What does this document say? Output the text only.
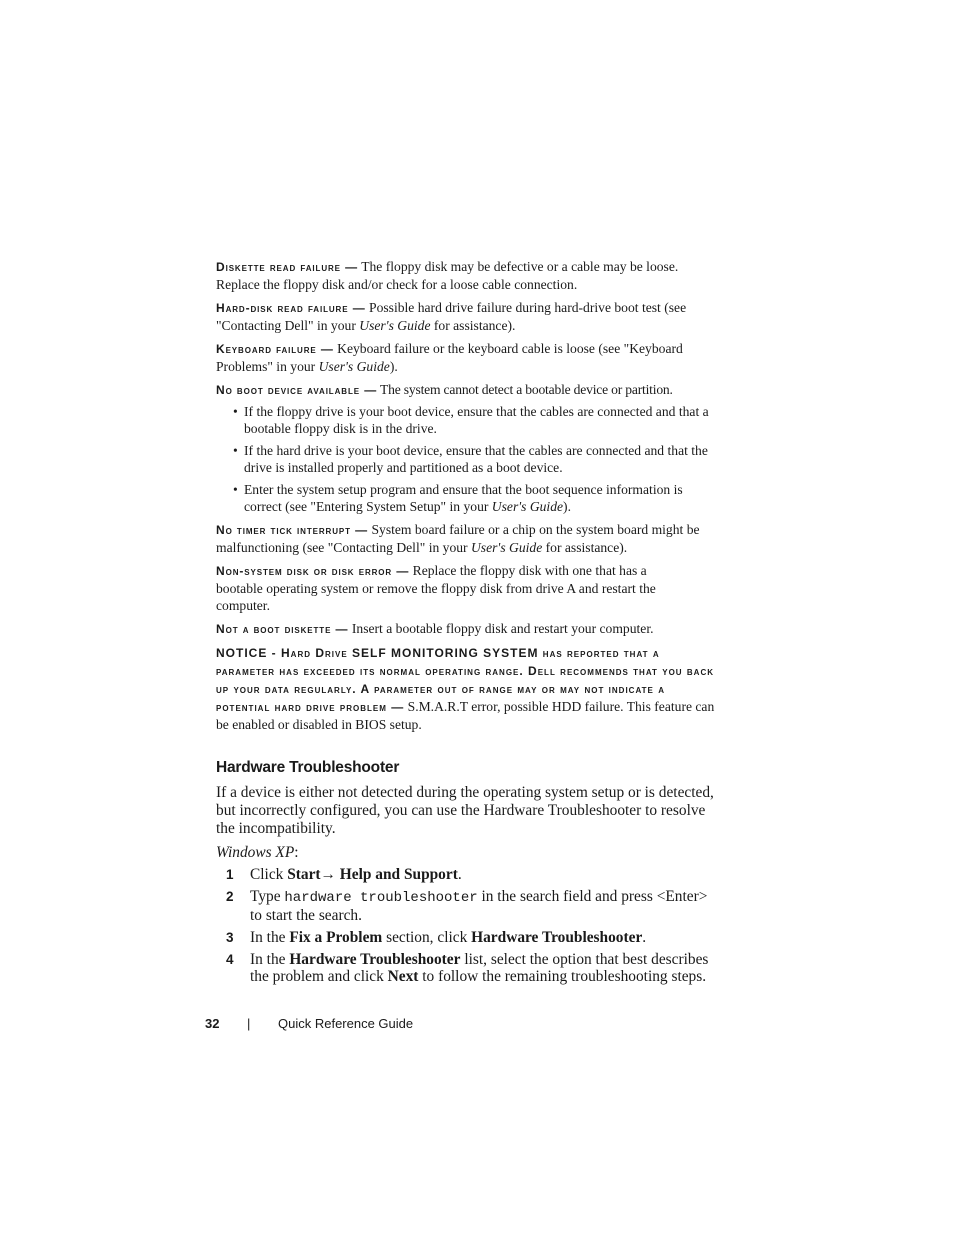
Diskette read failure — The floppy disk may be defective or a cable may be loose. Replace the floppy disk and/or check for a loose cable connection.

Hard-disk read failure — Possible hard drive failure during hard-drive boot test (see "Contacting Dell" in your User's Guide for assistance).

Keyboard failure — Keyboard failure or the keyboard cable is loose (see "Keyboard Problems" in your User's Guide).

No boot device available — The system cannot detect a bootable device or partition.

• If the floppy drive is your boot device, ensure that the cables are connected and that a bootable floppy disk is in the drive.
• If the hard drive is your boot device, ensure that the cables are connected and that the drive is installed properly and partitioned as a boot device.
• Enter the system setup program and ensure that the boot sequence information is correct (see "Entering System Setup" in your User's Guide).

No timer tick interrupt — System board failure or a chip on the system board might be malfunctioning (see "Contacting Dell" in your User's Guide for assistance).

Non-system disk or disk error — Replace the floppy disk with one that has a bootable operating system or remove the floppy disk from drive A and restart the computer.

Not a boot diskette — Insert a bootable floppy disk and restart your computer.

NOTICE - Hard Drive SELF MONITORING SYSTEM has reported that a parameter has exceeded its normal operating range. Dell recommends that you back up your data regularly. A parameter out of range may or may not indicate a potential hard drive problem — S.M.A.R.T error, possible HDD failure. This feature can be enabled or disabled in BIOS setup.

Hardware Troubleshooter

If a device is either not detected during the operating system setup or is detected, but incorrectly configured, you can use the Hardware Troubleshooter to resolve the incompatibility.

Windows XP:

1 Click Start→ Help and Support.
2 Type hardware troubleshooter in the search field and press <Enter> to start the search.
3 In the Fix a Problem section, click Hardware Troubleshooter.
4 In the Hardware Troubleshooter list, select the option that best describes the problem and click Next to follow the remaining troubleshooting steps.
32 | Quick Reference Guide
